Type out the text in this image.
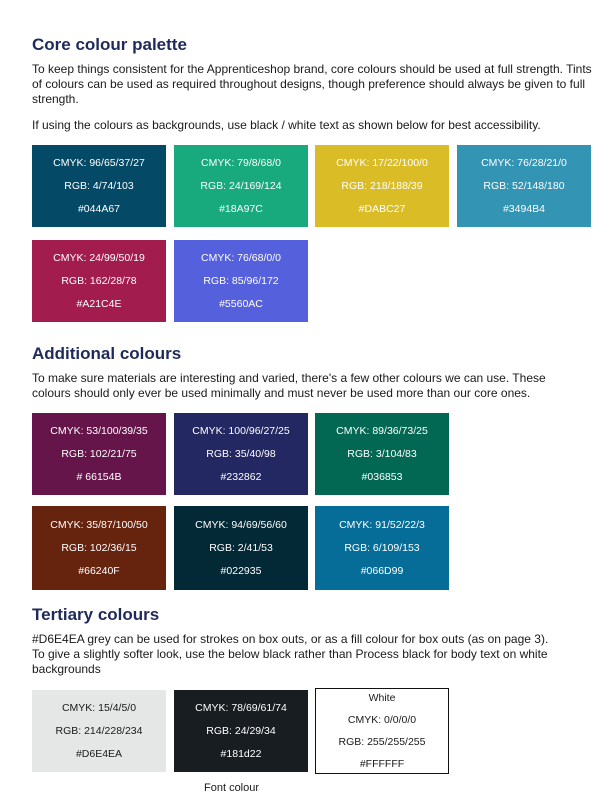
Core colour palette

To keep things consistent for the Apprenticeshop brand, core colours should be used at full strength. Tints of colours can be used as required throughout designs, though preference should always be given to full strength.

If using the colours as backgrounds, use black / white text as shown below for best accessibility.

CMYK: 96/65/37/27
RGB: 4/74/103
#044A67
CMYK: 79/8/68/0
RGB: 24/169/124
#18A97C
CMYK: 17/22/100/0
RGB: 218/188/39
#DABC27
CMYK: 76/28/21/0
RGB: 52/148/180
#3494B4
CMYK: 24/99/50/19
RGB: 162/28/78
#A21C4E
CMYK: 76/68/0/0
RGB: 85/96/172
#5560AC
Additional colours

To make sure materials are interesting and varied, there's a few other colours we can use. These colours should only ever be used minimally and must never be used more than our core ones.

CMYK: 53/100/39/35
RGB: 102/21/75
# 66154B
CMYK: 100/96/27/25
RGB: 35/40/98
#232862
CMYK: 89/36/73/25
RGB: 3/104/83
#036853
CMYK: 35/87/100/50
RGB: 102/36/15
#66240F
CMYK: 94/69/56/60
RGB: 2/41/53
#022935
CMYK: 91/52/22/3
RGB: 6/109/153
#066D99
Tertiary colours

#D6E4EA grey can be used for strokes on box outs, or as a fill colour for box outs (as on page 3). To give a slightly softer look, use the below black rather than Process black for body text on white backgrounds

CMYK: 15/4/5/0
RGB: 214/228/234
#D6E4EA
CMYK: 78/69/61/74
RGB: 24/29/34
#181d22
White
CMYK: 0/0/0/0
RGB: 255/255/255
#FFFFFF
Font colour
